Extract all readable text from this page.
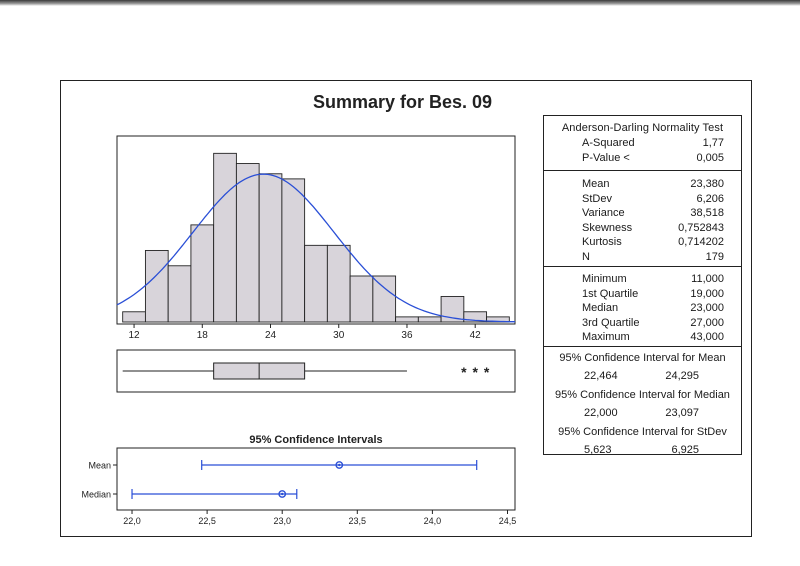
Summary for Bes. 09
12	18	24	30	36	42
* * *
95% Confidence Intervals
Mean
Median
22,0	22,5	23,0	23,5	24,0	24,5
Anderson-Darling Normality Test
A-Squared	1,77
P-Value <	0,005
Mean	23,380
StDev	6,206
Variance	38,518
Skewness	0,752843
Kurtosis	0,714202
N	179
Minimum	11,000
1st Quartile	19,000
Median	23,000
3rd Quartile	27,000
Maximum	43,000
95% Confidence Interval for Mean
22,464	24,295
95% Confidence Interval for Median
22,000	23,097
95% Confidence Interval for StDev
5,623	6,925
